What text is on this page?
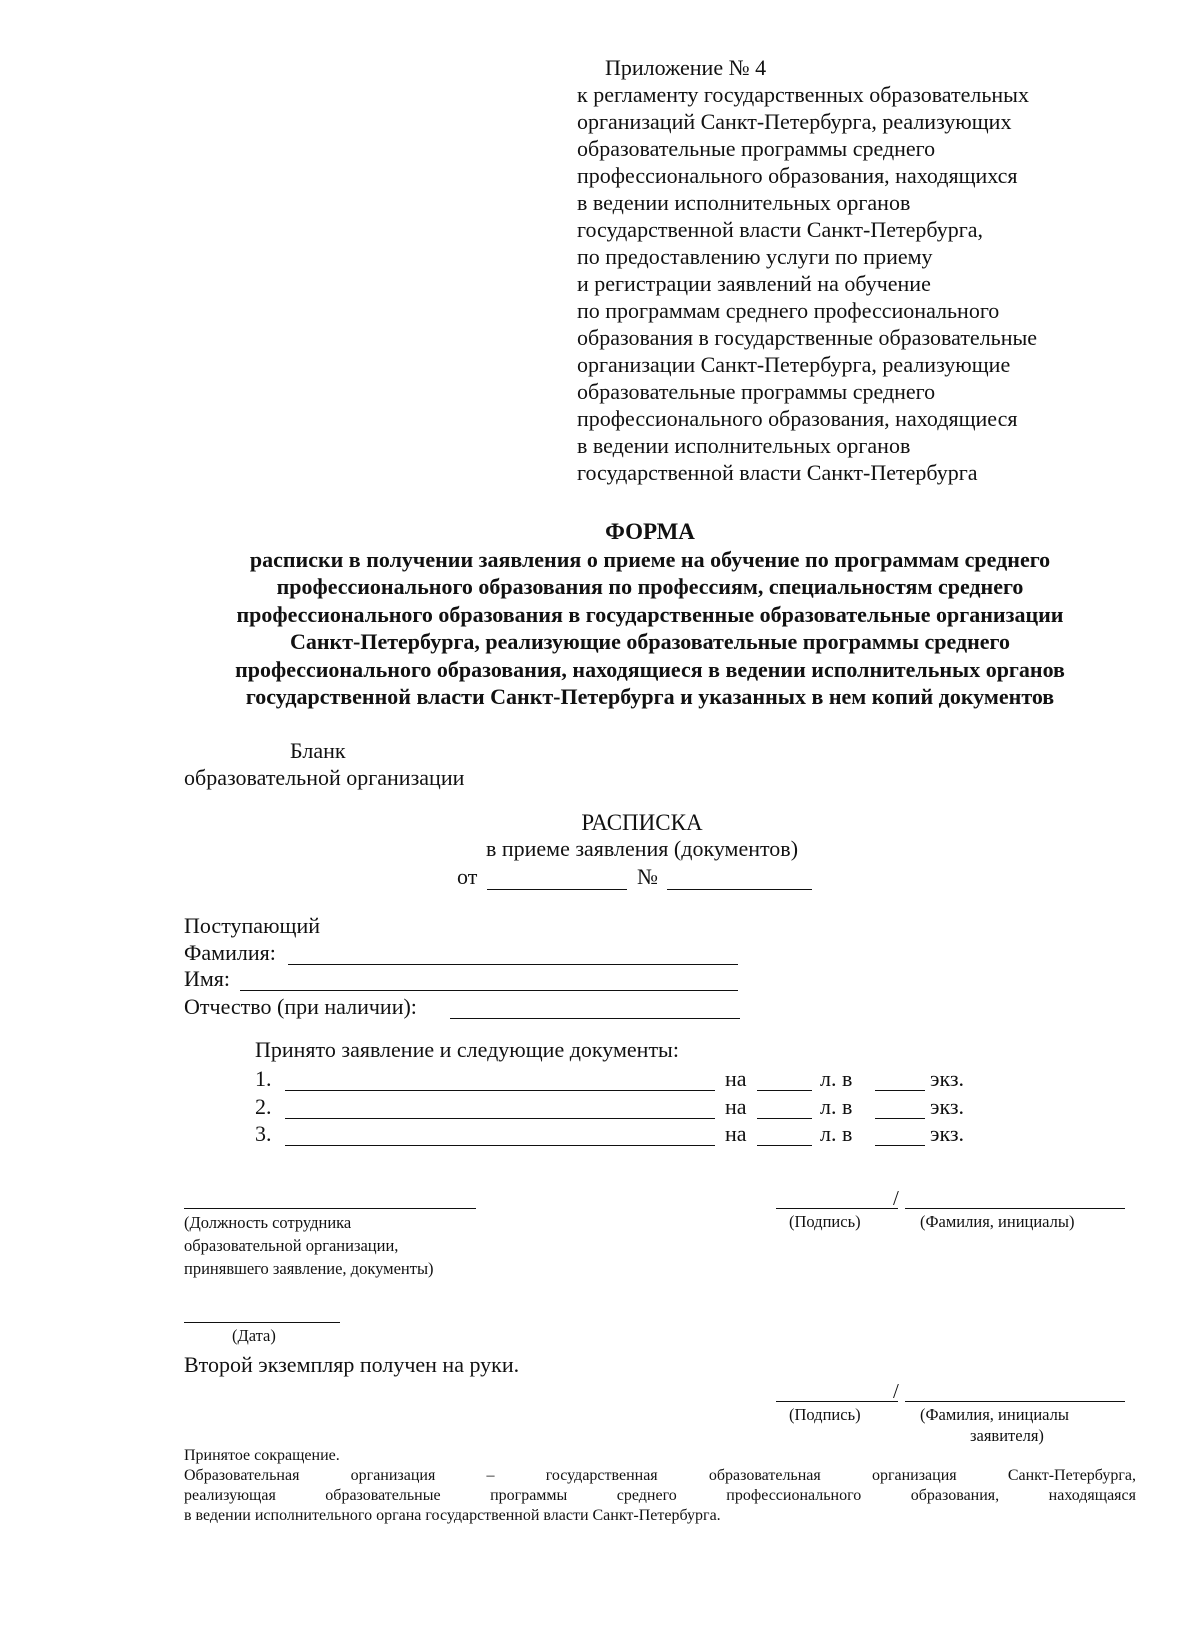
Приложение № 4
к регламенту государственных образовательных
организаций Санкт-Петербурга, реализующих
образовательные программы среднего
профессионального образования, находящихся
в ведении исполнительных органов
государственной власти Санкт-Петербурга,
по предоставлению услуги по приему
и регистрации заявлений на обучение
по программам среднего профессионального
образования в государственные образовательные
организации Санкт-Петербурга, реализующие
образовательные программы среднего
профессионального образования, находящиеся
в ведении исполнительных органов
государственной власти Санкт-Петербурга
ФОРМА
расписки в получении заявления о приеме на обучение по программам среднего
профессионального образования по профессиям, специальностям среднего
профессионального образования в государственные образовательные организации
Санкт-Петербурга, реализующие образовательные программы среднего
профессионального образования, находящиеся в ведении исполнительных органов
государственной власти Санкт-Петербурга и указанных в нем копий документов
Бланк
образовательной организации
РАСПИСКА
в приеме заявления (документов)
от	№
Поступающий
Фамилия:
Имя:
Отчество (при наличии):
Принято заявление и следующие документы:
1.	на	л. в	экз.
2.	на	л. в	экз.
3.	на	л. в	экз.
(Должность сотрудника
образовательной организации,
принявшего заявление, документы)
/
(Подпись)	(Фамилия, инициалы)
(Дата)
Второй экземпляр получен на руки.
/
(Подпись)	(Фамилия, инициалы
заявителя)
Принятое сокращение.
Образовательная организация – государственная образовательная организация Санкт-Петербурга,
реализующая образовательные программы среднего профессионального образования, находящаяся
в ведении исполнительного органа государственной власти Санкт-Петербурга.
